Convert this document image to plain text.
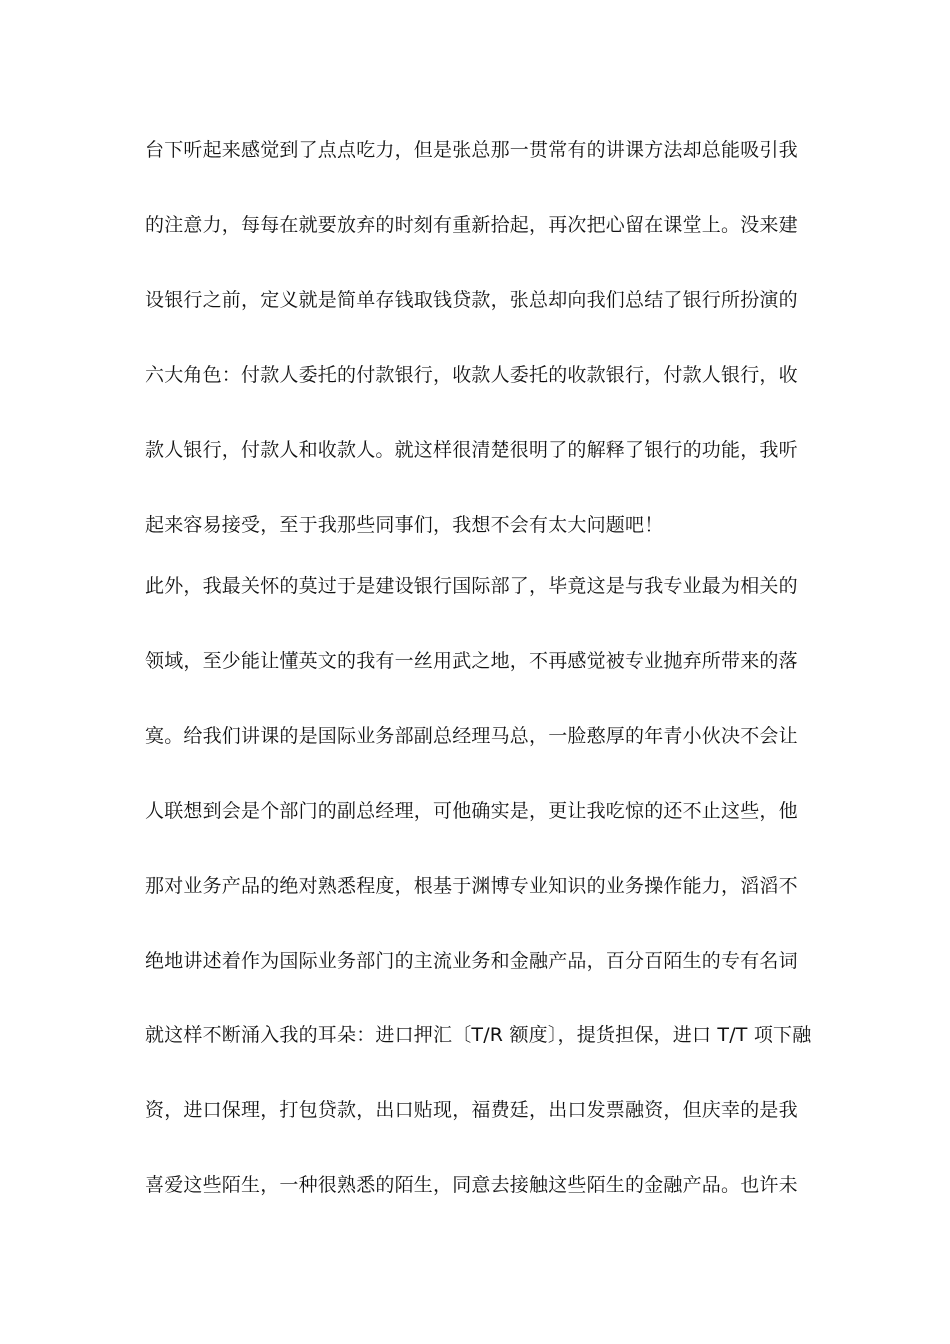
台下听起来感觉到了点点吃力，但是张总那一贯常有的讲课方法却总能吸引我
的注意力，每每在就要放弃的时刻有重新拾起，再次把心留在课堂上。没来建
设银行之前，定义就是简单存钱取钱贷款，张总却向我们总结了银行所扮演的
六大角色：付款人委托的付款银行，收款人委托的收款银行，付款人银行，收
款人银行，付款人和收款人。就这样很清楚很明了的解释了银行的功能，我听
起来容易接受，至于我那些同事们，我想不会有太大问题吧！
此外，我最关怀的莫过于是建设银行国际部了，毕竟这是与我专业最为相关的
领域，至少能让懂英文的我有一丝用武之地，不再感觉被专业抛弃所带来的落
寞。给我们讲课的是国际业务部副总经理马总，一脸憨厚的年青小伙决不会让
人联想到会是个部门的副总经理，可他确实是，更让我吃惊的还不止这些，他
那对业务产品的绝对熟悉程度，根基于渊博专业知识的业务操作能力，滔滔不
绝地讲述着作为国际业务部门的主流业务和金融产品，百分百陌生的专有名词
就这样不断涌入我的耳朵：进口押汇〔T/R 额度〕，提货担保，进口 T/T 项下融
资，进口保理，打包贷款，出口贴现，福费廷，出口发票融资，但庆幸的是我
喜爱这些陌生，一种很熟悉的陌生，同意去接触这些陌生的金融产品。也许未
